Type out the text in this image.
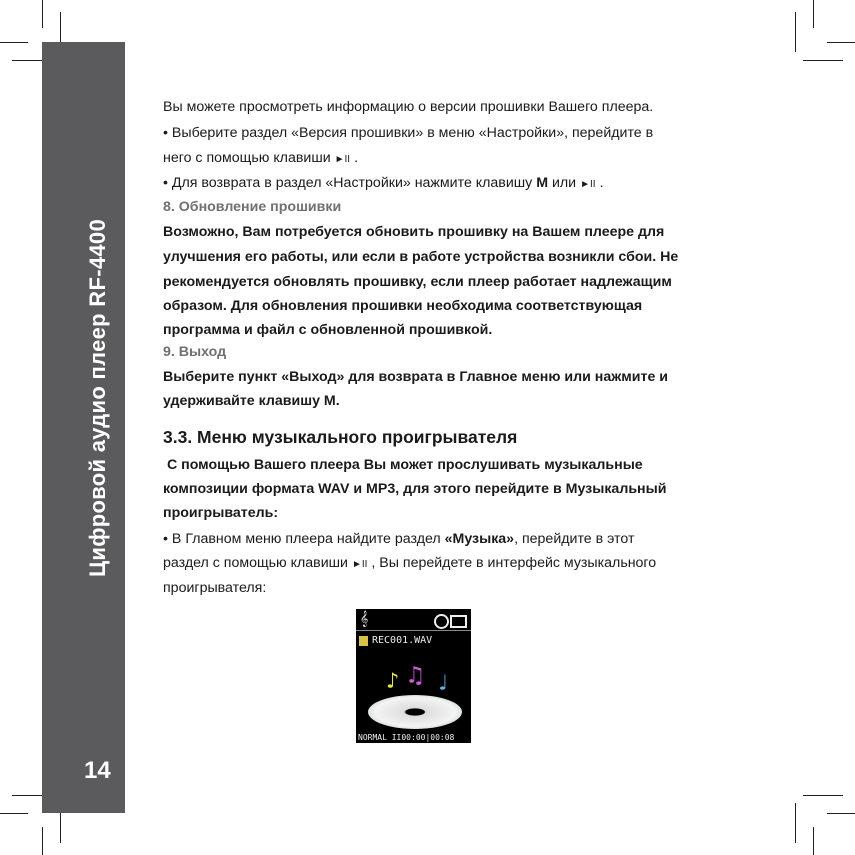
Цифровой аудио плеер RF-4400
14
Вы можете просмотреть информацию о версии прошивки Вашего плеера.
• Выберите раздел «Версия прошивки» в меню «Настройки», перейдите в
него с помощью клавиши ►II .
• Для возврата в раздел «Настройки» нажмите клавишу M или ►II .
8. Обновление прошивки
Возможно, Вам потребуется обновить прошивку на Вашем плеере для
улучшения его работы, или если в работе устройства возникли сбои. Не
рекомендуется обновлять прошивку, если плеер работает надлежащим
образом. Для обновления прошивки необходима соответствующая
программа и файл с обновленной прошивкой.
9. Выход
Выберите пункт «Выход» для возврата в Главное меню или нажмите и
удерживайте клавишу M.
3.3. Меню музыкального проигрывателя
С помощью Вашего плеера Вы может прослушивать музыкальные
композиции формата WAV и MP3, для этого перейдите в Музыкальный
проигрыватель:
• В Главном меню плеера найдите раздел «Музыка», перейдите в этот
раздел с помощью клавиши ►II , Вы перейдете в интерфейс музыкального
проигрывателя:
𝄞
REC001.WAV
♪ ♫ ♩
NORMAL II00:00|00:08
